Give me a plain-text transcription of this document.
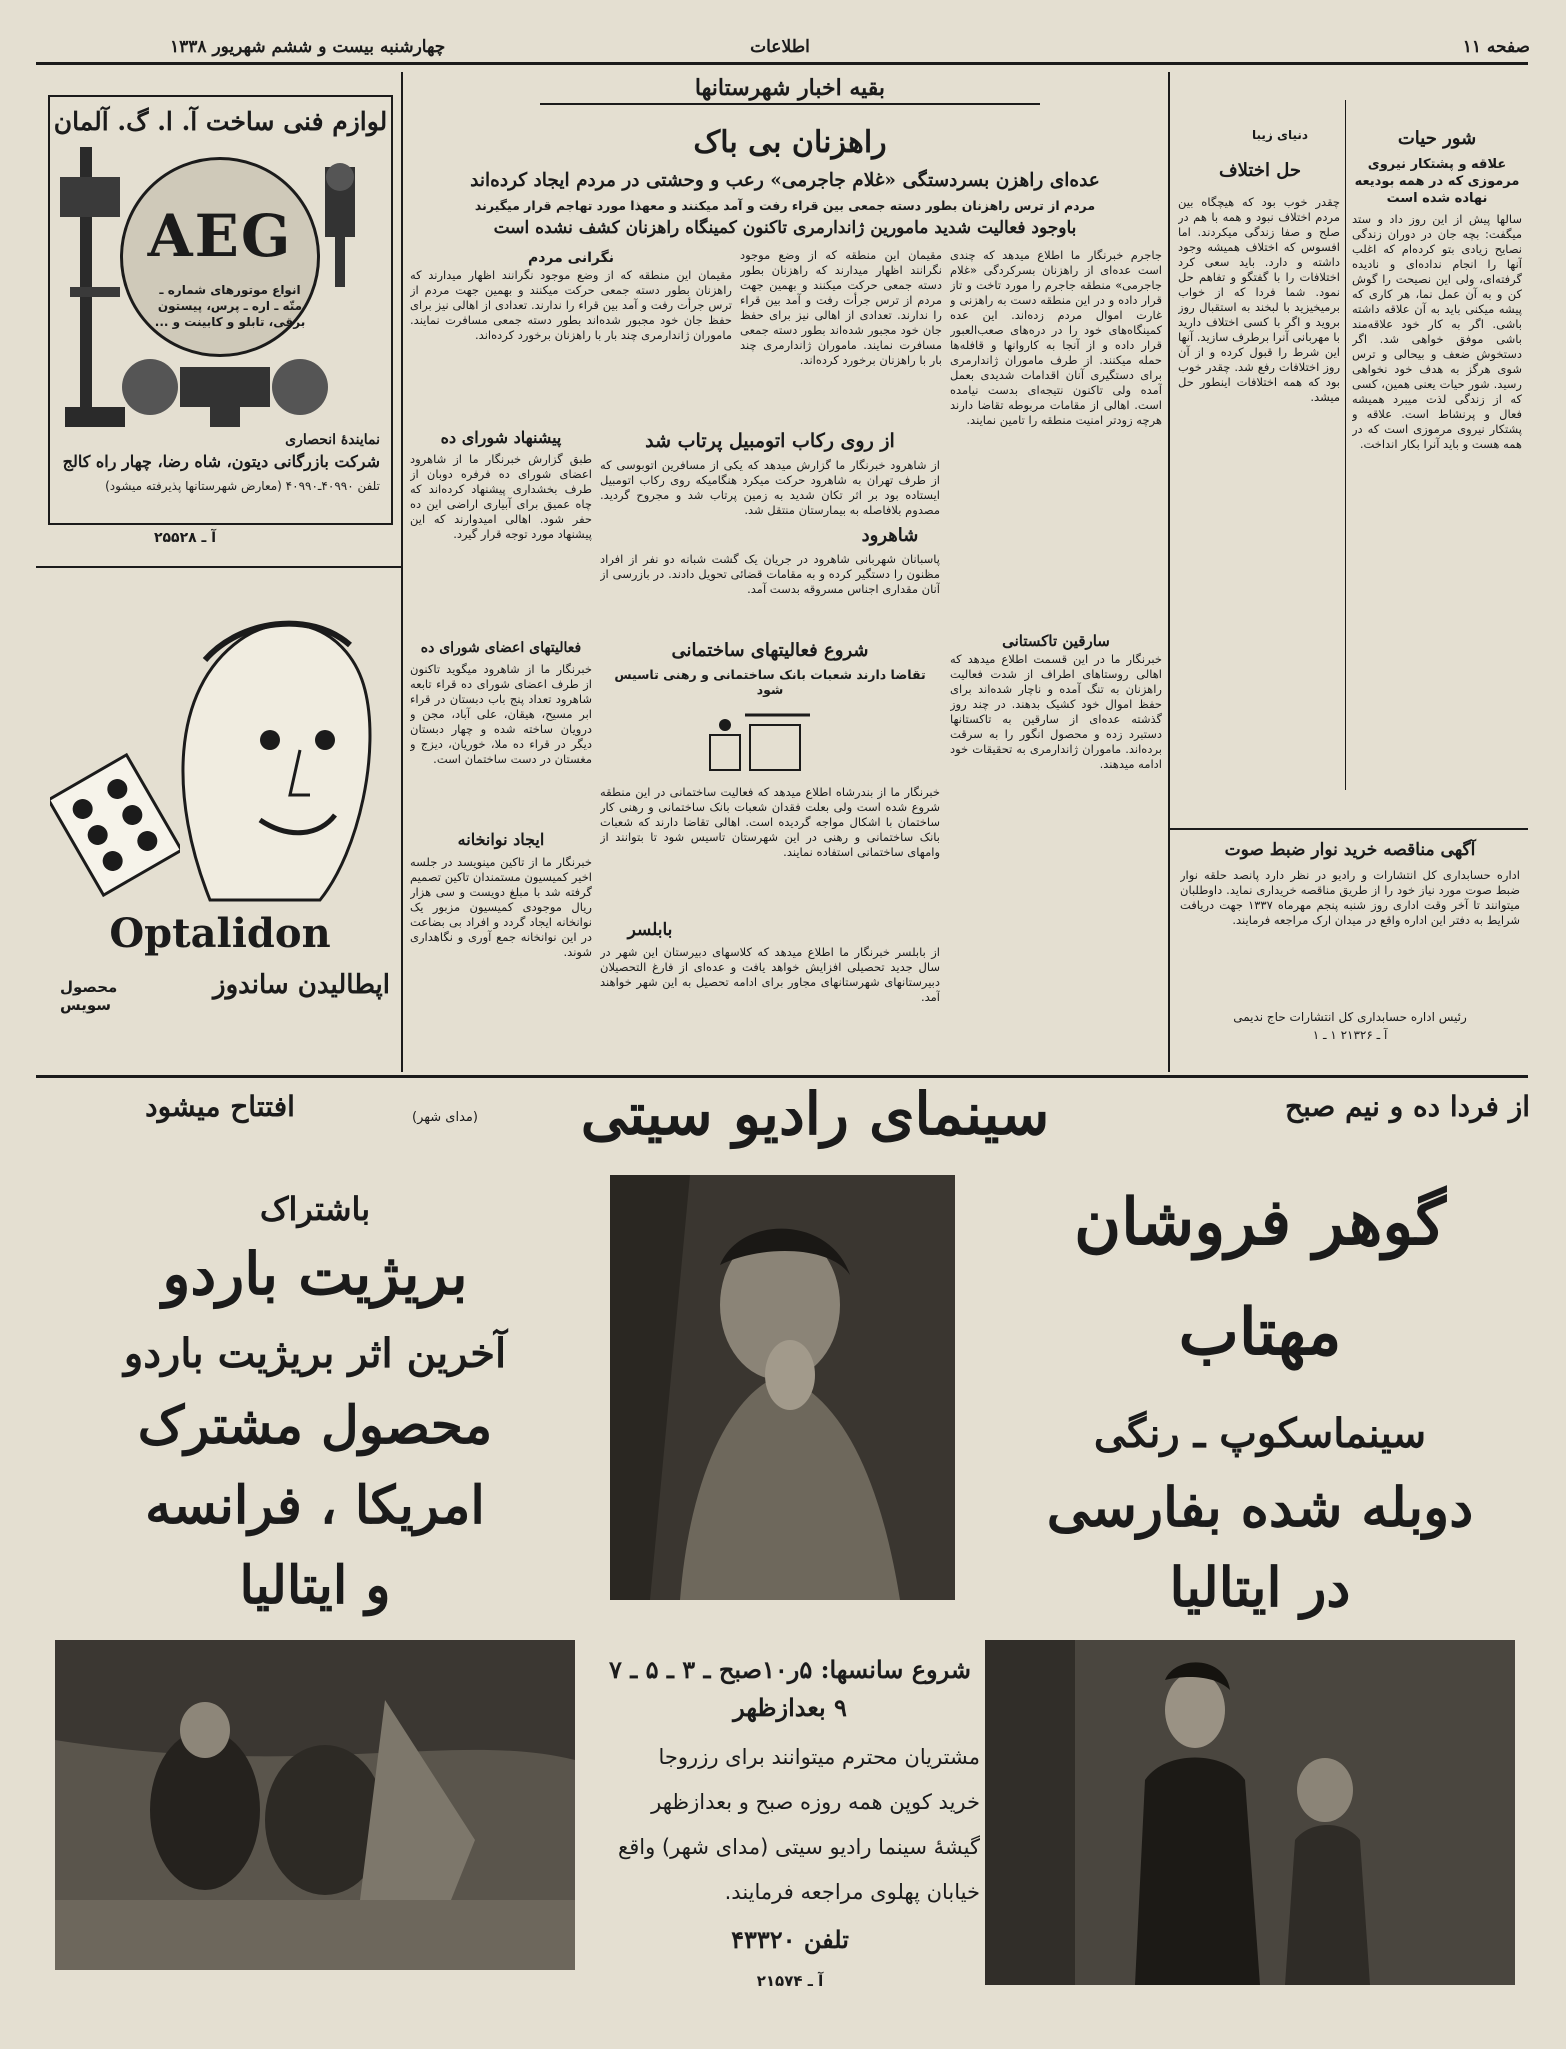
چهارشنبه بیست و ششم شهریور ۱۳۳۸	اطلاعات	صفحه ۱۱
لوازم فنی ساخت آ. ا. گ. آلمان
AEG
انواع موتورهای شماره ـ متّه ـ اره ـ پرس، پیستون برقی، تابلو و کابینت و ...
نمایندۀ انحصاری
شرکت بازرگانی دیتون، شاه رضا، چهار راه کالج
تلفن ۴۰۹۹۰ـ۴۰۹۹۰ (معارض شهرستانها پذیرفته میشود)
آ ـ ۲۵۵۲۸
Optalidon
اپطالیدن ساندوز
محصول سویس
بقیه اخبار شهرستانها
راهزنان بی باک
عده‌ای راهزن بسردستگی «غلام جاجرمی» رعب و وحشتی در مردم ایجاد کرده‌اند
مردم از ترس راهزنان بطور دسته جمعی بین قراء رفت و آمد میکنند و معهذا مورد تهاجم قرار میگیرند
باوجود فعالیت شدید مامورین ژاندارمری تاکنون کمینگاه راهزنان کشف نشده است
جاجرم خبرنگار ما اطلاع میدهد که چندی است عده‌ای از راهزنان بسرکردگی «غلام جاجرمی» منطقه جاجرم را مورد تاخت و تاز قرار داده و در این منطقه دست به راهزنی و غارت اموال مردم زده‌اند. این عده کمینگاه‌های خود را در دره‌های صعب‌العبور قرار داده و از آنجا به کاروانها و قافله‌ها حمله میکنند. از طرف ماموران ژاندارمری برای دستگیری آنان اقدامات شدیدی بعمل آمده ولی تاکنون نتیجه‌ای بدست نیامده است. اهالی از مقامات مربوطه تقاضا دارند هرچه زودتر امنیت منطقه را تامین نمایند.
مقیمان این منطقه که از وضع موجود نگرانند اظهار میدارند که راهزنان بطور دسته جمعی حرکت میکنند و بهمین جهت مردم از ترس جرأت رفت و آمد بین قراء را ندارند. تعدادی از اهالی نیز برای حفظ جان خود مجبور شده‌اند بطور دسته جمعی مسافرت نمایند. ماموران ژاندارمری چند بار با راهزنان برخورد کرده‌اند.
مقیمان این منطقه که از وضع موجود نگرانند اظهار میدارند که راهزنان بطور دسته جمعی حرکت میکنند و بهمین جهت مردم از ترس جرأت رفت و آمد بین قراء را ندارند. تعدادی از اهالی نیز برای حفظ جان خود مجبور شده‌اند بطور دسته جمعی مسافرت نمایند. ماموران ژاندارمری چند بار با راهزنان برخورد کرده‌اند.
نگرانی مردم
سارقین تاکستانی
خبرنگار ما در این قسمت اطلاع میدهد که اهالی روستاهای اطراف از شدت فعالیت راهزنان به تنگ آمده و ناچار شده‌اند برای حفظ اموال خود کشیک بدهند. در چند روز گذشته عده‌ای از سارقین به تاکستانها دستبرد زده و محصول انگور را به سرقت برده‌اند. ماموران ژاندارمری به تحقیقات خود ادامه میدهند.
از روی رکاب اتومبیل پرتاب شد
از شاهرود خبرنگار ما گزارش میدهد که یکی از مسافرین اتوبوسی که از طرف تهران به شاهرود حرکت میکرد هنگامیکه روی رکاب اتومبیل ایستاده بود بر اثر تکان شدید به زمین پرتاب شد و مجروح گردید. مصدوم بلافاصله به بیمارستان منتقل شد.
شاهرود
پاسبانان شهربانی شاهرود در جریان یک گشت شبانه دو نفر از افراد مظنون را دستگیر کرده و به مقامات قضائی تحویل دادند. در بازرسی از آنان مقداری اجناس مسروقه بدست آمد.
شروع فعالیتهای ساختمانی
تقاضا دارند شعبات بانک ساختمانی و رهنی تاسیس شود
خبرنگار ما از بندرشاه اطلاع میدهد که فعالیت ساختمانی در این منطقه شروع شده است ولی بعلت فقدان شعبات بانک ساختمانی و رهنی کار ساختمان با اشکال مواجه گردیده است. اهالی تقاضا دارند که شعبات بانک ساختمانی و رهنی در این شهرستان تاسیس شود تا بتوانند از وامهای ساختمانی استفاده نمایند.
بابلسر
از بابلسر خبرنگار ما اطلاع میدهد که کلاسهای دبیرستان این شهر در سال جدید تحصیلی افزایش خواهد یافت و عده‌ای از فارغ التحصیلان دبیرستانهای شهرستانهای مجاور برای ادامه تحصیل به این شهر خواهند آمد.
پیشنهاد شورای ده
طبق گزارش خبرنگار ما از شاهرود اعضای شورای ده فرفره دوبان از طرف بخشداری پیشنهاد کرده‌اند که چاه عمیق برای آبیاری اراضی این ده حفر شود. اهالی امیدوارند که این پیشنهاد مورد توجه قرار گیرد.
فعالیتهای اعضای شورای ده
خبرنگار ما از شاهرود میگوید تاکنون از طرف اعضای شورای ده قراء تابعه شاهرود تعداد پنج باب دبستان در قراء ابر مسیح، هیقان، علی آباد، مجن و درویان ساخته شده و چهار دبستان دیگر در قراء ده ملا، خوریان، دیزج و مغستان در دست ساختمان است.
ایجاد نوانخانه
خبرنگار ما از تاکین مینویسد در جلسه اخیر کمیسیون مستمندان تاکین تصمیم گرفته شد با مبلغ دویست و سی هزار ریال موجودی کمیسیون مزبور یک نوانخانه ایجاد گردد و افراد بی بضاعت در این نوانخانه جمع آوری و نگاهداری شوند.
شور حیات
علاقه و پشتکار نیروی مرموزی که در همه بودیعه نهاده شده است
سالها پیش از این روز داد و ستد میگفت: بچه جان در دوران زندگی نصایح زیادی بتو کرده‌ام که اغلب آنها را انجام نداده‌ای و نادیده گرفته‌ای، ولی این نصیحت را گوش کن و به آن عمل نما، هر کاری که پیشه میکنی باید به آن علاقه داشته باشی. اگر به کار خود علاقه‌مند باشی موفق خواهی شد. اگر دستخوش ضعف و بیحالی و ترس شوی هرگز به هدف خود نخواهی رسید. شور حیات یعنی همین، کسی که از زندگی لذت میبرد همیشه فعال و پرنشاط است. علاقه و پشتکار نیروی مرموزی است که در همه هست و باید آنرا بکار انداخت.
دنیای زیبا
حل اختلاف
چقدر خوب بود که هیچگاه بین مردم اختلاف نبود و همه با هم در صلح و صفا زندگی میکردند. اما افسوس که اختلاف همیشه وجود داشته و دارد. باید سعی کرد اختلافات را با گفتگو و تفاهم حل نمود. شما فردا که از خواب برمیخیزید با لبخند به استقبال روز بروید و اگر با کسی اختلاف دارید با مهربانی آنرا برطرف سازید. آنها این شرط را قبول کرده و از آن روز اختلافات رفع شد. چقدر خوب بود که همه اختلافات اینطور حل میشد.
آگهی مناقصه خرید نوار ضبط صوت
اداره حسابداری کل انتشارات و رادیو در نظر دارد پانصد حلقه نوار ضبط صوت مورد نیاز خود را از طریق مناقصه خریداری نماید. داوطلبان میتوانند تا آخر وقت اداری روز شنبه پنجم مهرماه ۱۳۳۷ جهت دریافت شرایط به دفتر این اداره واقع در میدان ارک مراجعه فرمایند.
رئیس اداره حسابداری کل انتشارات حاج ندیمی
آ ـ ۲۱۳۲۶ ۱ ـ ۱
از فردا ده و نیم صبح
سینمای رادیو سیتی
(مدای شهر)
افتتاح میشود
گوهر فروشان
مهتاب
سینماسکوپ ـ رنگی
دوبله شده بفارسی
در ایتالیا
باشتراک
بریژیت باردو
آخرین اثر بریژیت باردو
محصول مشترک
امریکا ، فرانسه
و ایتالیا
شروع سانسها: ۵ر۱۰صبح ـ ۳ ـ ۵ ـ ۷
۹ بعدازظهر
مشتریان محترم میتوانند برای رزروجا
خرید کوپن همه روزه صبح و بعدازظهر
گیشۀ سینما رادیو سیتی (مدای شهر) واقع
خیابان پهلوی مراجعه فرمایند.
تلفن ۴۳۳۲۰
آ ـ ۲۱۵۷۴
